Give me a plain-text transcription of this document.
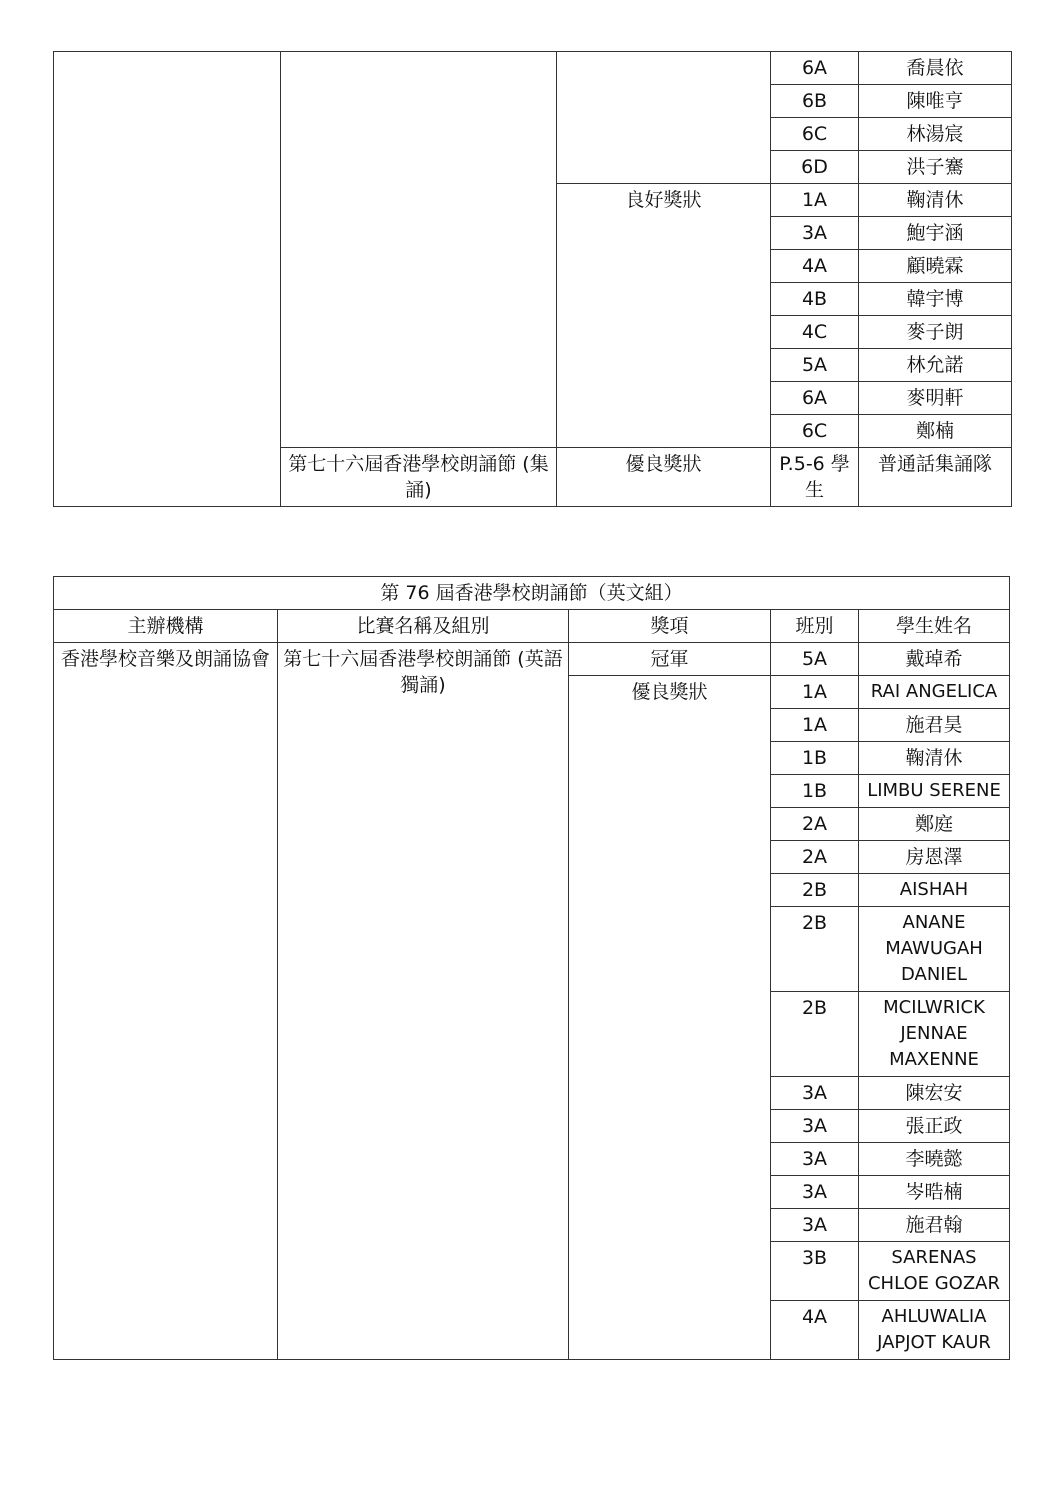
			6A	喬晨依
			6B	陳唯亨
			6C	林湯宸
			6D	洪子騫
		良好獎狀	1A	鞠清休
			3A	鮑宇涵
			4A	顧曉霖
			4B	韓宇博
			4C	麥子朗
			5A	林允諾
			6A	麥明軒
			6C	鄭楠
	第七十六屆香港學校朗誦節 (集誦)	優良獎狀	P.5-6 學生	普通話集誦隊
第 76 屆香港學校朗誦節（英文組）				
主辦機構	比賽名稱及組別	獎項	班別	學生姓名
香港學校音樂及朗誦協會	第七十六屆香港學校朗誦節 (英語獨誦)	冠軍	5A	戴琸希
		優良獎狀	1A	RAI ANGELICA
			1A	施君昊
			1B	鞠清休
			1B	LIMBU SERENE
			2A	鄭庭
			2A	房恩澤
			2B	AISHAH
			2B	ANANE MAWUGAH DANIEL
			2B	MCILWRICK JENNAE MAXENNE
			3A	陳宏安
			3A	張正政
			3A	李曉懿
			3A	岑晧楠
			3A	施君翰
			3B	SARENAS CHLOE GOZAR
			4A	AHLUWALIA JAPJOT KAUR
